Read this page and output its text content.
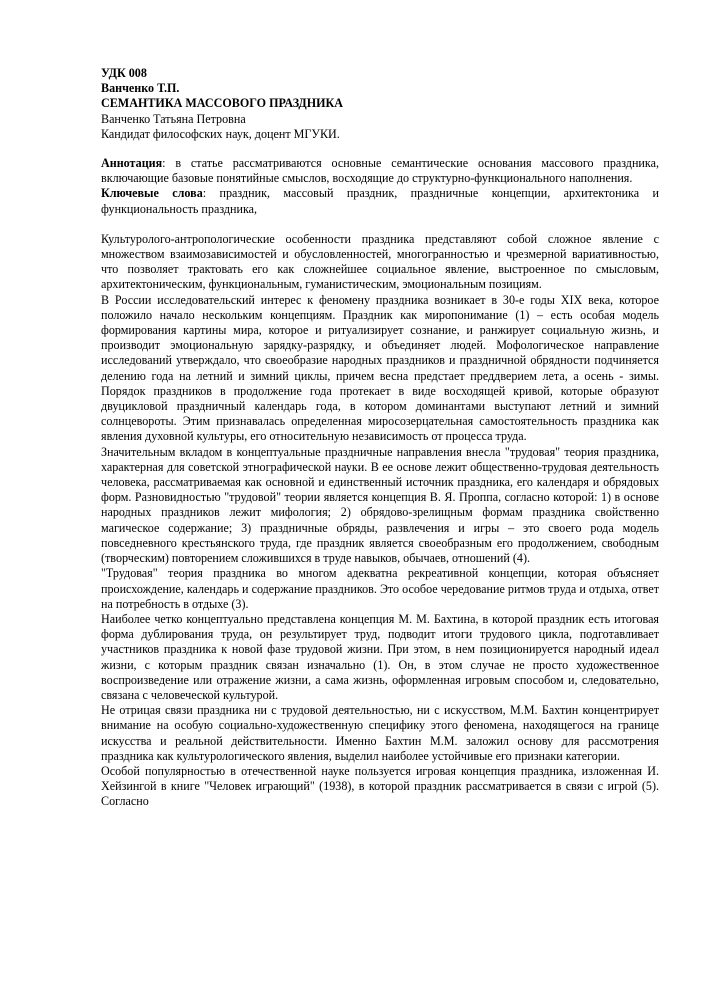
УДК 008
Ванченко Т.П.
СЕМАНТИКА МАССОВОГО ПРАЗДНИКА
Ванченко Татьяна Петровна
Кандидат философских наук, доцент МГУКИ.
Аннотация: в статье рассматриваются основные семантические основания массового праздника, включающие базовые понятийные смыслов, восходящие до структурно-функционального наполнения.
Ключевые слова: праздник, массовый праздник, праздничные концепции, архитектоника и функциональность праздника,
Культуролого-антропологические особенности праздника представляют собой сложное явление с множеством взаимозависимостей и обусловленностей, многогранностью и чрезмерной вариативностью, что позволяет трактовать его как сложнейшее социальное явление, выстроенное по смысловым, архитектоническим, функциональным, гуманистическим, эмоциональным позициям.
В России исследовательский интерес к феномену праздника возникает в 30-е годы XIX века, которое положило начало нескольким концепциям. Праздник как миропонимание (1) – есть особая модель формирования картины мира, которое и ритуализирует сознание, и ранжирует социальную жизнь, и производит эмоциональную зарядку-разрядку, и объединяет людей. Мофологическое направление исследований утверждало, что своеобразие народных праздников и праздничной обрядности подчиняется делению года на летний и зимний циклы, причем весна предстает преддверием лета, а осень - зимы. Порядок праздников в продолжение года протекает в виде восходящей кривой, которые образуют двуцикловой праздничный календарь года, в котором доминантами выступают летний и зимний солнцевороты. Этим признавалась определенная миросозерцательная самостоятельность праздника как явления духовной культуры, его относительную независимость от процесса труда.
Значительным вкладом в концептуальные праздничные направления внесла "трудовая" теория праздника, характерная для советской этнографической науки. В ее основе лежит общественно-трудовая деятельность человека, рассматриваемая как основной и единственный источник праздника, его календаря и обрядовых форм. Разновидностью "трудовой" теории является концепция В. Я. Проппа, согласно которой: 1) в основе народных праздников лежит мифология; 2) обрядово-зрелищным формам праздника свойственно магическое содержание; 3) праздничные обряды, развлечения и игры – это своего рода модель повседневного крестьянского труда, где праздник является своеобразным его продолжением, свободным (творческим) повторением сложившихся в труде навыков, обычаев, отношений (4).
"Трудовая" теория праздника во многом адекватна рекреативной концепции, которая объясняет происхождение, календарь и содержание праздников. Это особое чередование ритмов труда и отдыха, ответ на потребность в отдыхе (3).
Наиболее четко концептуально представлена концепция М. М. Бахтина, в которой праздник есть итоговая форма дублирования труда, он результирует труд, подводит итоги трудового цикла, подготавливает участников праздника к новой фазе трудовой жизни. При этом, в нем позиционируется народный идеал жизни, с которым праздник связан изначально (1). Он, в этом случае не просто художественное воспроизведение или отражение жизни, а сама жизнь, оформленная игровым способом и, следовательно, связана с человеческой культурой.
Не отрицая связи праздника ни с трудовой деятельностью, ни с искусством, М.М. Бахтин концентрирует внимание на особую социально-художественную специфику этого феномена, находящегося на границе искусства и реальной действительности. Именно Бахтин М.М. заложил основу для рассмотрения праздника как культурологического явления, выделил наиболее устойчивые его признаки категории.
Особой популярностью в отечественной науке пользуется игровая концепция праздника, изложенная И. Хейзингой в книге "Человек играющий" (1938), в которой праздник рассматривается в связи с игрой (5). Согласно
